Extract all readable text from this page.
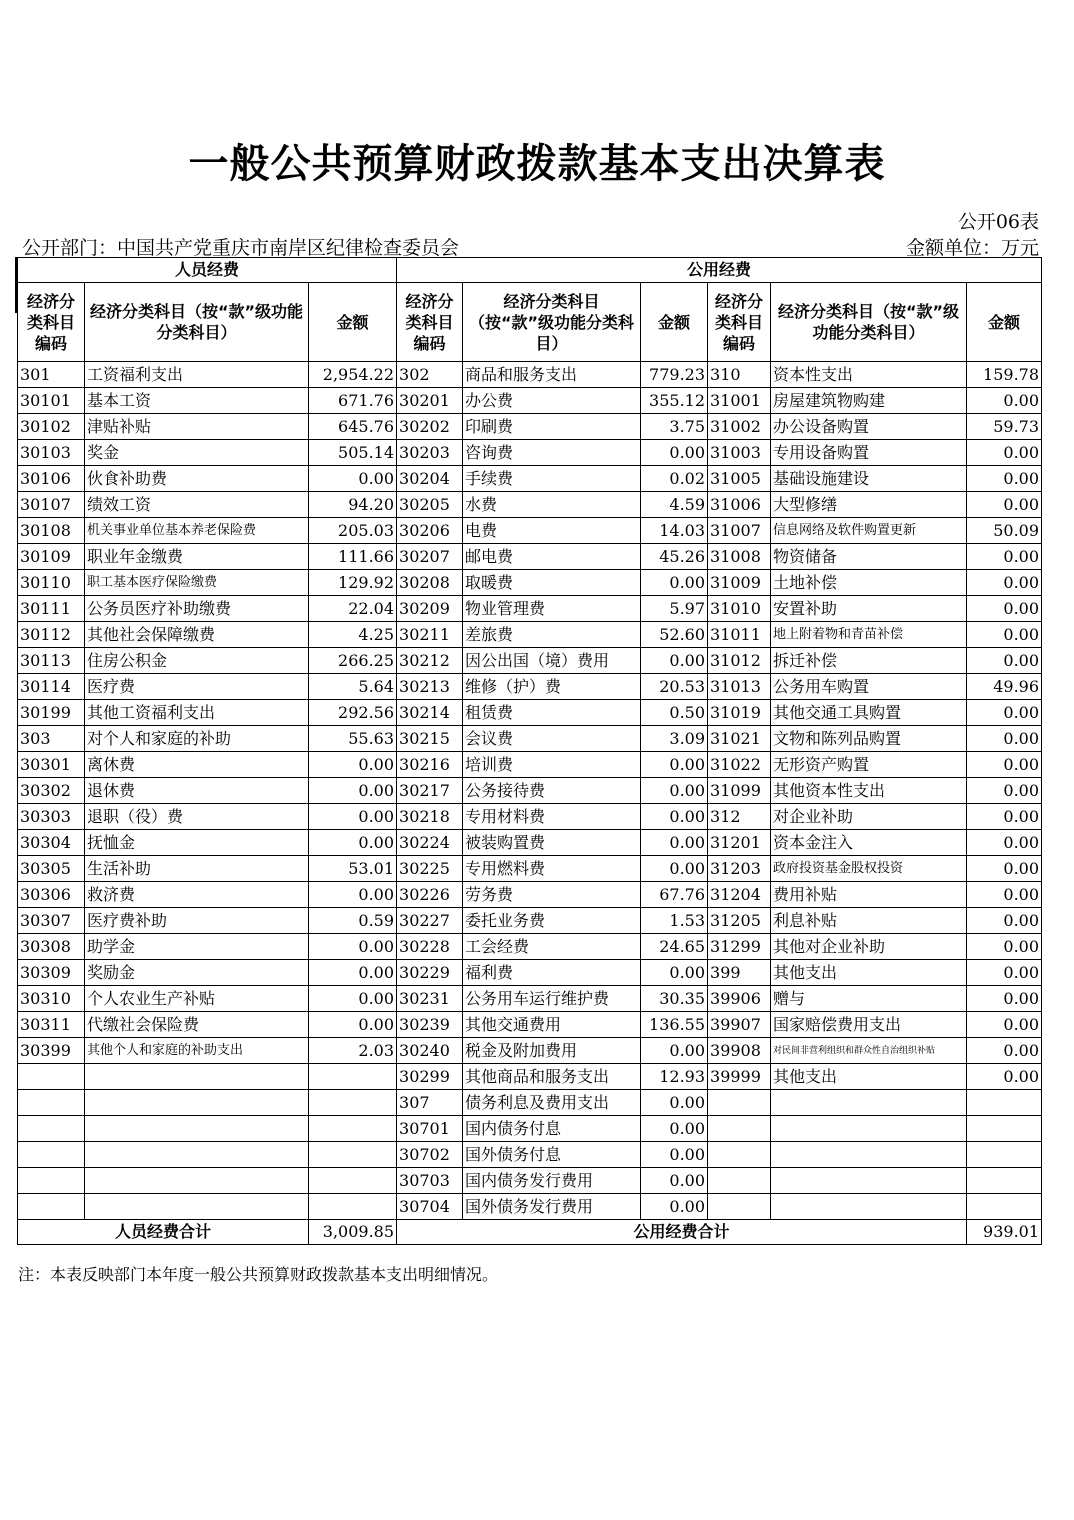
一般公共预算财政拨款基本支出决算表
公开06表
公开部门：中国共产党重庆市南岸区纪律检查委员会	金额单位：万元
人员经费			公用经费					
经济分类科目编码	经济分类科目（按“款”级功能分类科目）	金额	经济分类科目编码	经济分类科目（按“款”级功能分类科目）	金额	经济分类科目编码	经济分类科目（按“款”级功能分类科目）	金额
301	工资福利支出	2,954.22	302	商品和服务支出	779.23	310	资本性支出	159.78
30101	基本工资	671.76	30201	办公费	355.12	31001	房屋建筑物购建	0.00
30102	津贴补贴	645.76	30202	印刷费	3.75	31002	办公设备购置	59.73
30103	奖金	505.14	30203	咨询费	0.00	31003	专用设备购置	0.00
30106	伙食补助费	0.00	30204	手续费	0.02	31005	基础设施建设	0.00
30107	绩效工资	94.20	30205	水费	4.59	31006	大型修缮	0.00
30108	机关事业单位基本养老保险费	205.03	30206	电费	14.03	31007	信息网络及软件购置更新	50.09
30109	职业年金缴费	111.66	30207	邮电费	45.26	31008	物资储备	0.00
30110	职工基本医疗保险缴费	129.92	30208	取暖费	0.00	31009	土地补偿	0.00
30111	公务员医疗补助缴费	22.04	30209	物业管理费	5.97	31010	安置补助	0.00
30112	其他社会保障缴费	4.25	30211	差旅费	52.60	31011	地上附着物和青苗补偿	0.00
30113	住房公积金	266.25	30212	因公出国（境）费用	0.00	31012	拆迁补偿	0.00
30114	医疗费	5.64	30213	维修（护）费	20.53	31013	公务用车购置	49.96
30199	其他工资福利支出	292.56	30214	租赁费	0.50	31019	其他交通工具购置	0.00
303	对个人和家庭的补助	55.63	30215	会议费	3.09	31021	文物和陈列品购置	0.00
30301	离休费	0.00	30216	培训费	0.00	31022	无形资产购置	0.00
30302	退休费	0.00	30217	公务接待费	0.00	31099	其他资本性支出	0.00
30303	退职（役）费	0.00	30218	专用材料费	0.00	312	对企业补助	0.00
30304	抚恤金	0.00	30224	被装购置费	0.00	31201	资本金注入	0.00
30305	生活补助	53.01	30225	专用燃料费	0.00	31203	政府投资基金股权投资	0.00
30306	救济费	0.00	30226	劳务费	67.76	31204	费用补贴	0.00
30307	医疗费补助	0.59	30227	委托业务费	1.53	31205	利息补贴	0.00
30308	助学金	0.00	30228	工会经费	24.65	31299	其他对企业补助	0.00
30309	奖励金	0.00	30229	福利费	0.00	399	其他支出	0.00
30310	个人农业生产补贴	0.00	30231	公务用车运行维护费	30.35	39906	赠与	0.00
30311	代缴社会保险费	0.00	30239	其他交通费用	136.55	39907	国家赔偿费用支出	0.00
30399	其他个人和家庭的补助支出	2.03	30240	税金及附加费用	0.00	39908	对民间非营利组织和群众性自治组织补贴	0.00
			30299	其他商品和服务支出	12.93	39999	其他支出	0.00
			307	债务利息及费用支出	0.00			
			30701	国内债务付息	0.00			
			30702	国外债务付息	0.00			
			30703	国内债务发行费用	0.00			
			30704	国外债务发行费用	0.00			
人员经费合计		3,009.85	公用经费合计					939.01
注：本表反映部门本年度一般公共预算财政拨款基本支出明细情况。
